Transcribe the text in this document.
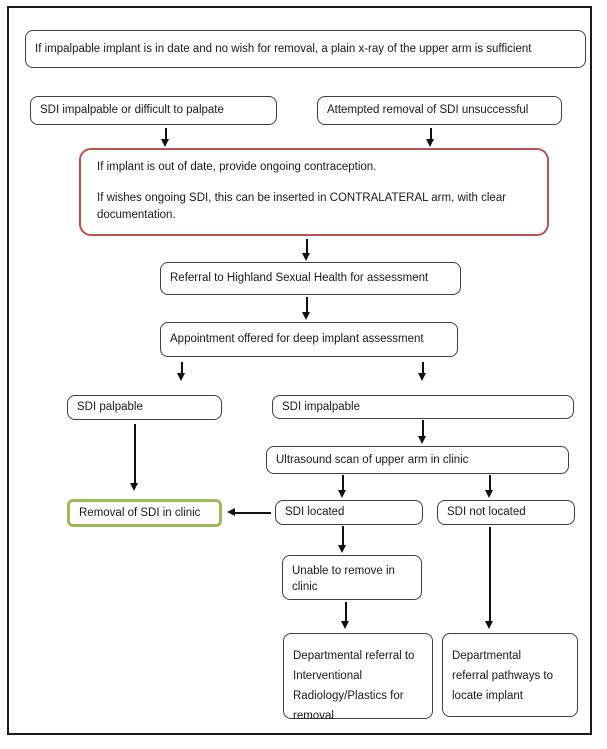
If impalpable implant is in date and no wish for removal, a plain x-ray of the upper arm is sufficient
SDI impalpable or difficult to palpate	Attempted removal of SDI unsuccessful

If implant is out of date, provide ongoing contraception.

If wishes ongoing SDI, this can be inserted in CONTRALATERAL arm, with clear documentation.

Referral to Highland Sexual Health for assessment
Appointment offered for deep implant assessment
SDI palpable	SDI impalpable
Ultrasound scan of upper arm in clinic
Removal of SDI in clinic	SDI located	SDI not located

Unable to remove in clinic

Departmental referral to Interventional Radiology/Plastics for removal

Departmental referral pathways to locate implant
